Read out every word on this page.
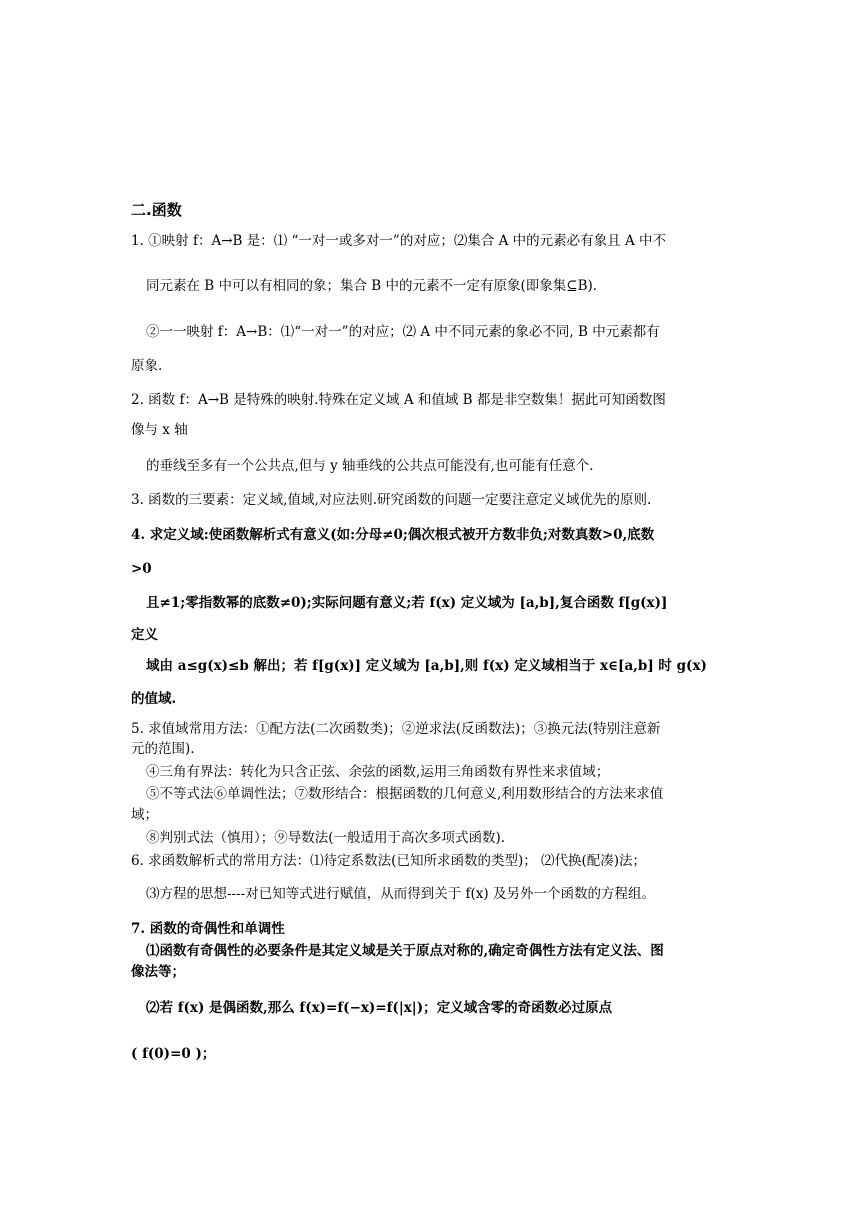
二.函数
1. ①映射 f：A→B 是：⑴ “一对一或多对一”的对应；⑵集合 A 中的元素必有象且 A 中不
同元素在 B 中可以有相同的象；集合 B 中的元素不一定有原象(即象集⊆B)．
②一一映射 f：A→B：⑴“一对一”的对应；⑵ A 中不同元素的象必不同, B 中元素都有
原象.
2. 函数 f：A→B 是特殊的映射.特殊在定义域 A 和值域 B 都是非空数集！据此可知函数图
像与 x 轴
的垂线至多有一个公共点,但与 y 轴垂线的公共点可能没有,也可能有任意个.
3. 函数的三要素：定义域,值域,对应法则.研究函数的问题一定要注意定义域优先的原则.
4. 求定义域:使函数解析式有意义(如:分母≠0;偶次根式被开方数非负;对数真数>0,底数
>0
且≠1;零指数幂的底数≠0);实际问题有意义;若 f(x) 定义域为 [a,b],复合函数 f[g(x)]
定义
域由 a≤g(x)≤b 解出；若 f[g(x)] 定义域为 [a,b],则 f(x) 定义域相当于 x∈[a,b] 时 g(x)
的值域.
5. 求值域常用方法：①配方法(二次函数类)；②逆求法(反函数法)；③换元法(特别注意新
元的范围).
④三角有界法：转化为只含正弦、余弦的函数,运用三角函数有界性来求值域；
⑤不等式法⑥单调性法；⑦数形结合：根据函数的几何意义,利用数形结合的方法来求值
域；
⑧判别式法（慎用）；⑨导数法(一般适用于高次多项式函数).
6. 求函数解析式的常用方法：⑴待定系数法(已知所求函数的类型)； ⑵代换(配凑)法；
⑶方程的思想----对已知等式进行赋值，从而得到关于 f(x) 及另外一个函数的方程组。
7. 函数的奇偶性和单调性
⑴函数有奇偶性的必要条件是其定义域是关于原点对称的,确定奇偶性方法有定义法、图
像法等；
⑵若 f(x) 是偶函数,那么 f(x)=f(−x)=f(|x|)；定义域含零的奇函数必过原点
( f(0)=0 )；
